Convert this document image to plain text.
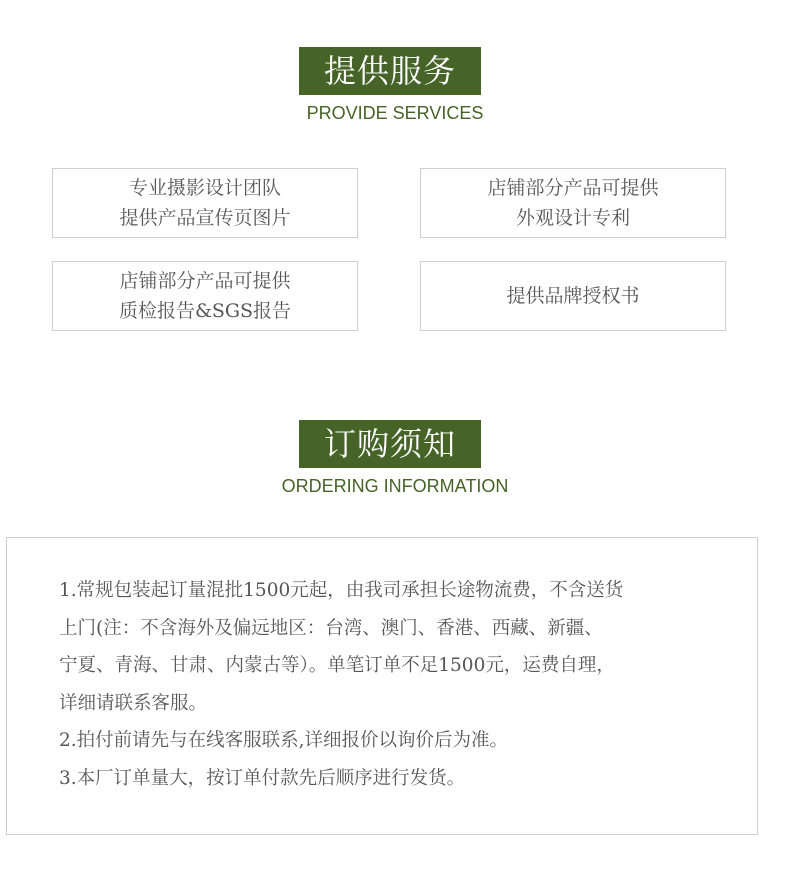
提供服务
PROVIDE SERVICES
专业摄影设计团队
提供产品宣传页图片
店铺部分产品可提供
外观设计专利
店铺部分产品可提供
质检报告&SGS报告
提供品牌授权书
订购须知
ORDERING INFORMATION
1.常规包装起订量混批1500元起，由我司承担长途物流费，不含送货
上门(注：不含海外及偏远地区：台湾、澳门、香港、西藏、新疆、
宁夏、青海、甘肃、内蒙古等）。单笔订单不足1500元，运费自理，
详细请联系客服。
2.拍付前请先与在线客服联系,详细报价以询价后为准。
3.本厂订单量大，按订单付款先后顺序进行发货。
